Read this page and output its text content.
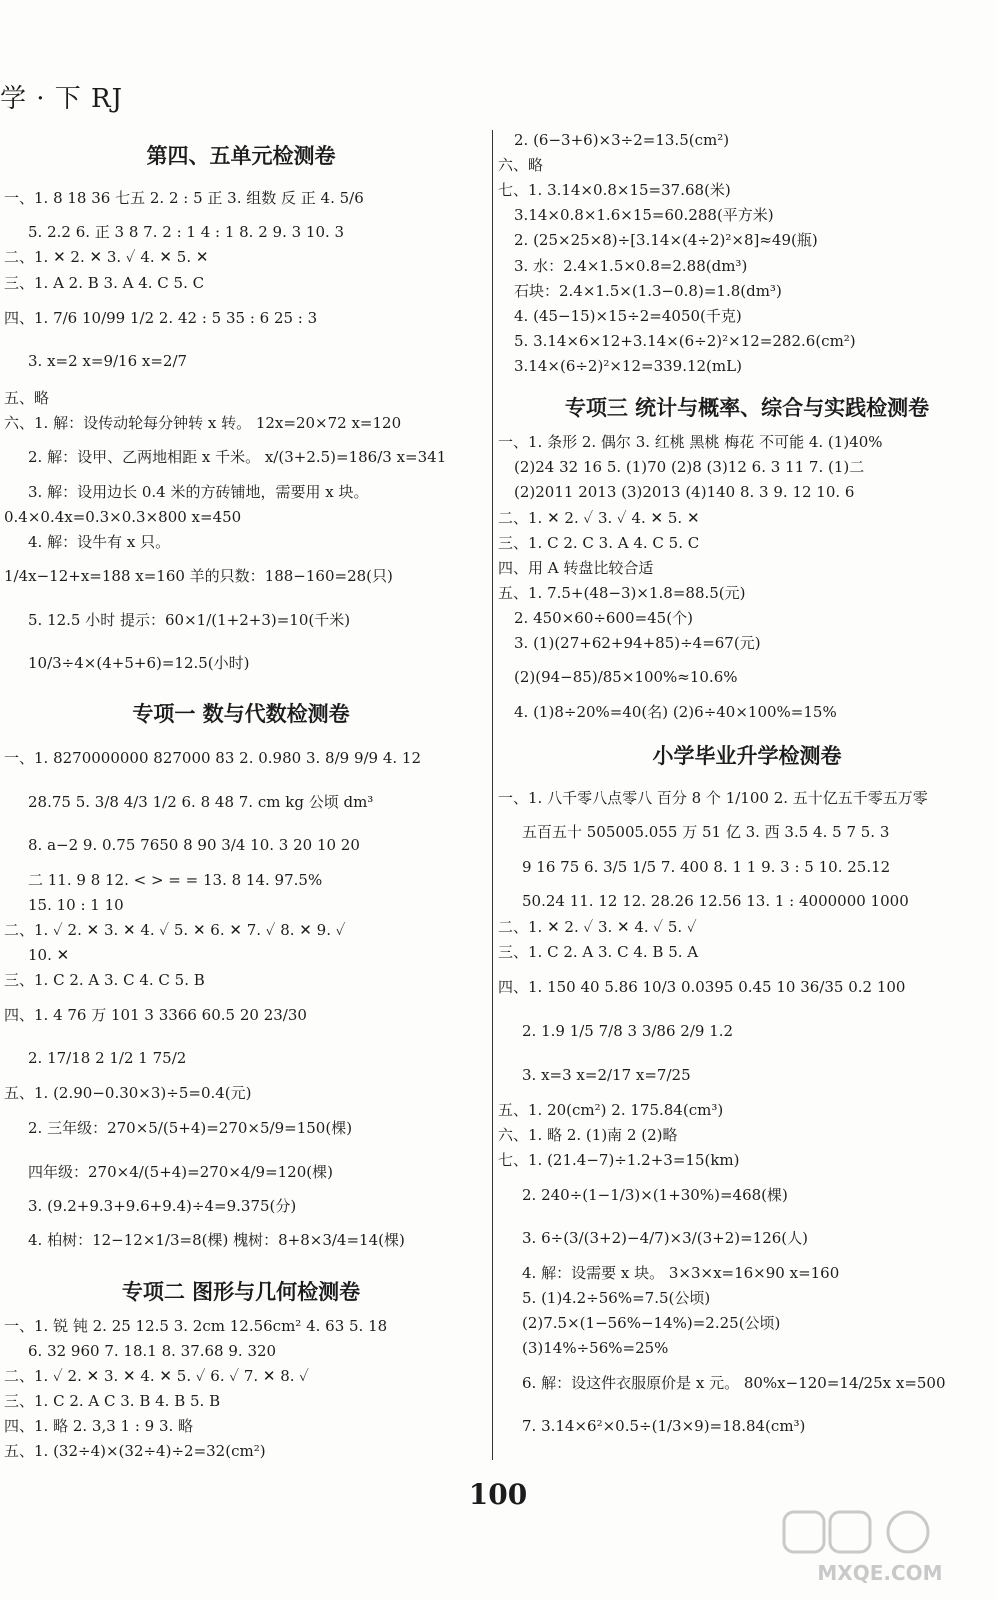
学 · 下 RJ
第四、五单元检测卷
一、1. 8 18 36 七五 2. 2 : 5 正 3. 组数 反 正 4. 5/6
5. 2.2 6. 正 3 8 7. 2 : 1 4 : 1 8. 2 9. 3 10. 3
二、1. ✕ 2. ✕ 3. ✓ 4. ✕ 5. ✕
三、1. A 2. B 3. A 4. C 5. C
四、1. 7/6 10/99 1/2 2. 42 : 5 35 : 6 25 : 3
3. x=2 x=9/16 x=2/7
五、略
六、1. 解：设传动轮每分钟转 x 转。 12x=20×72 x=120
2. 解：设甲、乙两地相距 x 千米。 x/(3+2.5)=186/3 x=341
3. 解：设用边长 0.4 米的方砖铺地，需要用 x 块。
0.4×0.4x=0.3×0.3×800 x=450
4. 解：设牛有 x 只。
1/4x−12+x=188 x=160 羊的只数：188−160=28(只)
5. 12.5 小时 提示：60×1/(1+2+3)=10(千米)
10/3÷4×(4+5+6)=12.5(小时)
专项一 数与代数检测卷
一、1. 8270000000 827000 83 2. 0.980 3. 8/9 9/9 4. 12
28.75 5. 3/8 4/3 1/2 6. 8 48 7. cm kg 公顷 dm³
8. a−2 9. 0.75 7650 8 90 3/4 10. 3 20 10 20
二 11. 9 8 12. < > = = 13. 8 14. 97.5%
15. 10 : 1 10
二、1. ✓ 2. ✕ 3. ✕ 4. ✓ 5. ✕ 6. ✕ 7. ✓ 8. ✕ 9. ✓
10. ✕
三、1. C 2. A 3. C 4. C 5. B
四、1. 4 76 万 101 3 3366 60.5 20 23/30
2. 17/18 2 1/2 1 75/2
五、1. (2.90−0.30×3)÷5=0.4(元)
2. 三年级：270×5/(5+4)=270×5/9=150(棵)
四年级：270×4/(5+4)=270×4/9=120(棵)
3. (9.2+9.3+9.6+9.4)÷4=9.375(分)
4. 柏树：12−12×1/3=8(棵) 槐树：8+8×3/4=14(棵)
专项二 图形与几何检测卷
一、1. 锐 钝 2. 25 12.5 3. 2cm 12.56cm² 4. 63 5. 18
6. 32 960 7. 18.1 8. 37.68 9. 320
二、1. ✓ 2. ✕ 3. ✕ 4. ✕ 5. ✓ 6. ✓ 7. ✕ 8. ✓
三、1. C 2. A C 3. B 4. B 5. B
四、1. 略 2. 3,3 1 : 9 3. 略
五、1. (32÷4)×(32÷4)÷2=32(cm²)
2. (6−3+6)×3÷2=13.5(cm²)
六、略
七、1. 3.14×0.8×15=37.68(米)
3.14×0.8×1.6×15=60.288(平方米)
2. (25×25×8)÷[3.14×(4÷2)²×8]≈49(瓶)
3. 水：2.4×1.5×0.8=2.88(dm³)
石块：2.4×1.5×(1.3−0.8)=1.8(dm³)
4. (45−15)×15÷2=4050(千克)
5. 3.14×6×12+3.14×(6÷2)²×12=282.6(cm²)
3.14×(6÷2)²×12=339.12(mL)
专项三 统计与概率、综合与实践检测卷
一、1. 条形 2. 偶尔 3. 红桃 黑桃 梅花 不可能 4. (1)40%
(2)24 32 16 5. (1)70 (2)8 (3)12 6. 3 11 7. (1)二
(2)2011 2013 (3)2013 (4)140 8. 3 9. 12 10. 6
二、1. ✕ 2. ✓ 3. ✓ 4. ✕ 5. ✕
三、1. C 2. C 3. A 4. C 5. C
四、用 A 转盘比较合适
五、1. 7.5+(48−3)×1.8=88.5(元)
2. 450×60÷600=45(个)
3. (1)(27+62+94+85)÷4=67(元)
(2)(94−85)/85×100%≈10.6%
4. (1)8÷20%=40(名) (2)6÷40×100%=15%
小学毕业升学检测卷
一、1. 八千零八点零八 百分 8 个 1/100 2. 五十亿五千零五万零
五百五十 505005.055 万 51 亿 3. 西 3.5 4. 5 7 5. 3
9 16 75 6. 3/5 1/5 7. 400 8. 1 1 9. 3 : 5 10. 25.12
50.24 11. 12 12. 28.26 12.56 13. 1 : 4000000 1000
二、1. ✕ 2. ✓ 3. ✕ 4. ✓ 5. ✓
三、1. C 2. A 3. C 4. B 5. A
四、1. 150 40 5.86 10/3 0.0395 0.45 10 36/35 0.2 100
2. 1.9 1/5 7/8 3 3/86 2/9 1.2
3. x=3 x=2/17 x=7/25
五、1. 20(cm²) 2. 175.84(cm³)
六、1. 略 2. (1)南 2 (2)略
七、1. (21.4−7)÷1.2+3=15(km)
2. 240÷(1−1/3)×(1+30%)=468(棵)
3. 6÷(3/(3+2)−4/7)×3/(3+2)=126(人)
4. 解：设需要 x 块。 3×3×x=16×90 x=160
5. (1)4.2÷56%=7.5(公顷)
(2)7.5×(1−56%−14%)=2.25(公顷)
(3)14%÷56%=25%
6. 解：设这件衣服原价是 x 元。 80%x−120=14/25x x=500
7. 3.14×6²×0.5÷(1/3×9)=18.84(cm³)
100
MXQE.COM
